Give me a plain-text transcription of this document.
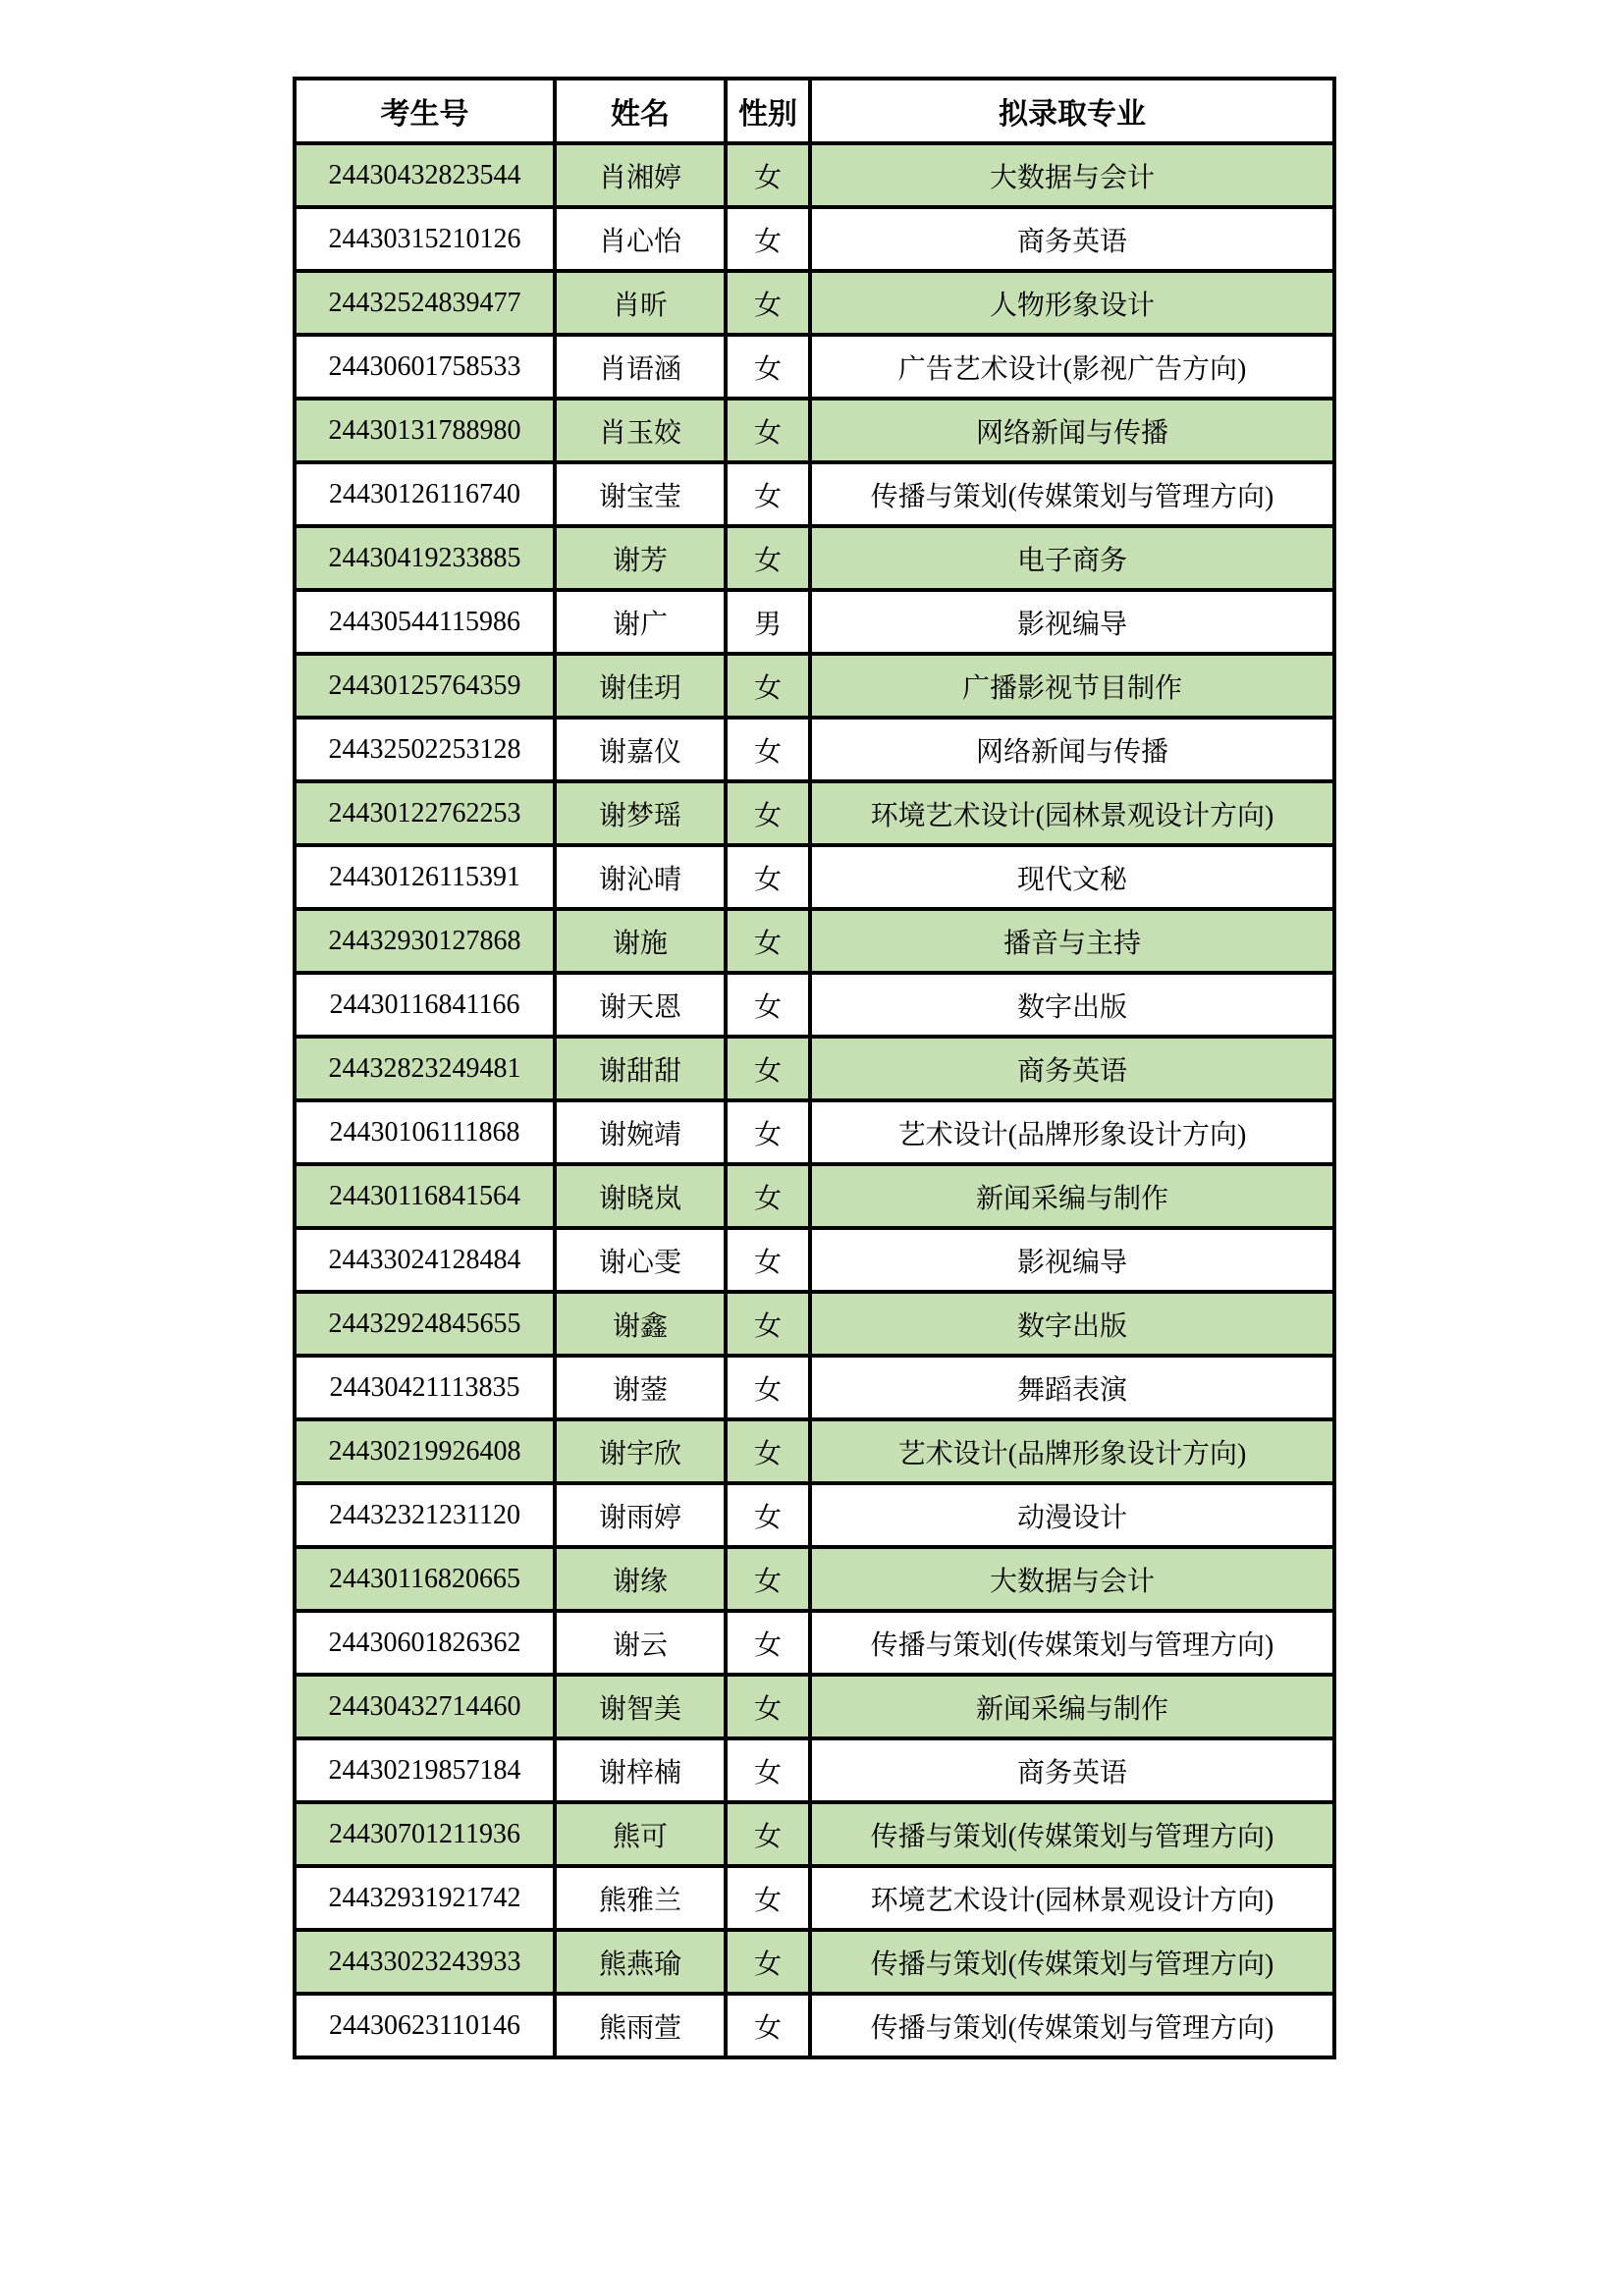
考生号	姓名	性别	拟录取专业
24430432823544	肖湘婷	女	大数据与会计
24430315210126	肖心怡	女	商务英语
24432524839477	肖昕	女	人物形象设计
24430601758533	肖语涵	女	广告艺术设计(影视广告方向)
24430131788980	肖玉姣	女	网络新闻与传播
24430126116740	谢宝莹	女	传播与策划(传媒策划与管理方向)
24430419233885	谢芳	女	电子商务
24430544115986	谢广	男	影视编导
24430125764359	谢佳玥	女	广播影视节目制作
24432502253128	谢嘉仪	女	网络新闻与传播
24430122762253	谢梦瑶	女	环境艺术设计(园林景观设计方向)
24430126115391	谢沁晴	女	现代文秘
24432930127868	谢施	女	播音与主持
24430116841166	谢天恩	女	数字出版
24432823249481	谢甜甜	女	商务英语
24430106111868	谢婉靖	女	艺术设计(品牌形象设计方向)
24430116841564	谢晓岚	女	新闻采编与制作
24433024128484	谢心雯	女	影视编导
24432924845655	谢鑫	女	数字出版
24430421113835	谢蓥	女	舞蹈表演
24430219926408	谢宇欣	女	艺术设计(品牌形象设计方向)
24432321231120	谢雨婷	女	动漫设计
24430116820665	谢缘	女	大数据与会计
24430601826362	谢云	女	传播与策划(传媒策划与管理方向)
24430432714460	谢智美	女	新闻采编与制作
24430219857184	谢梓楠	女	商务英语
24430701211936	熊可	女	传播与策划(传媒策划与管理方向)
24432931921742	熊雅兰	女	环境艺术设计(园林景观设计方向)
24433023243933	熊燕瑜	女	传播与策划(传媒策划与管理方向)
24430623110146	熊雨萱	女	传播与策划(传媒策划与管理方向)
